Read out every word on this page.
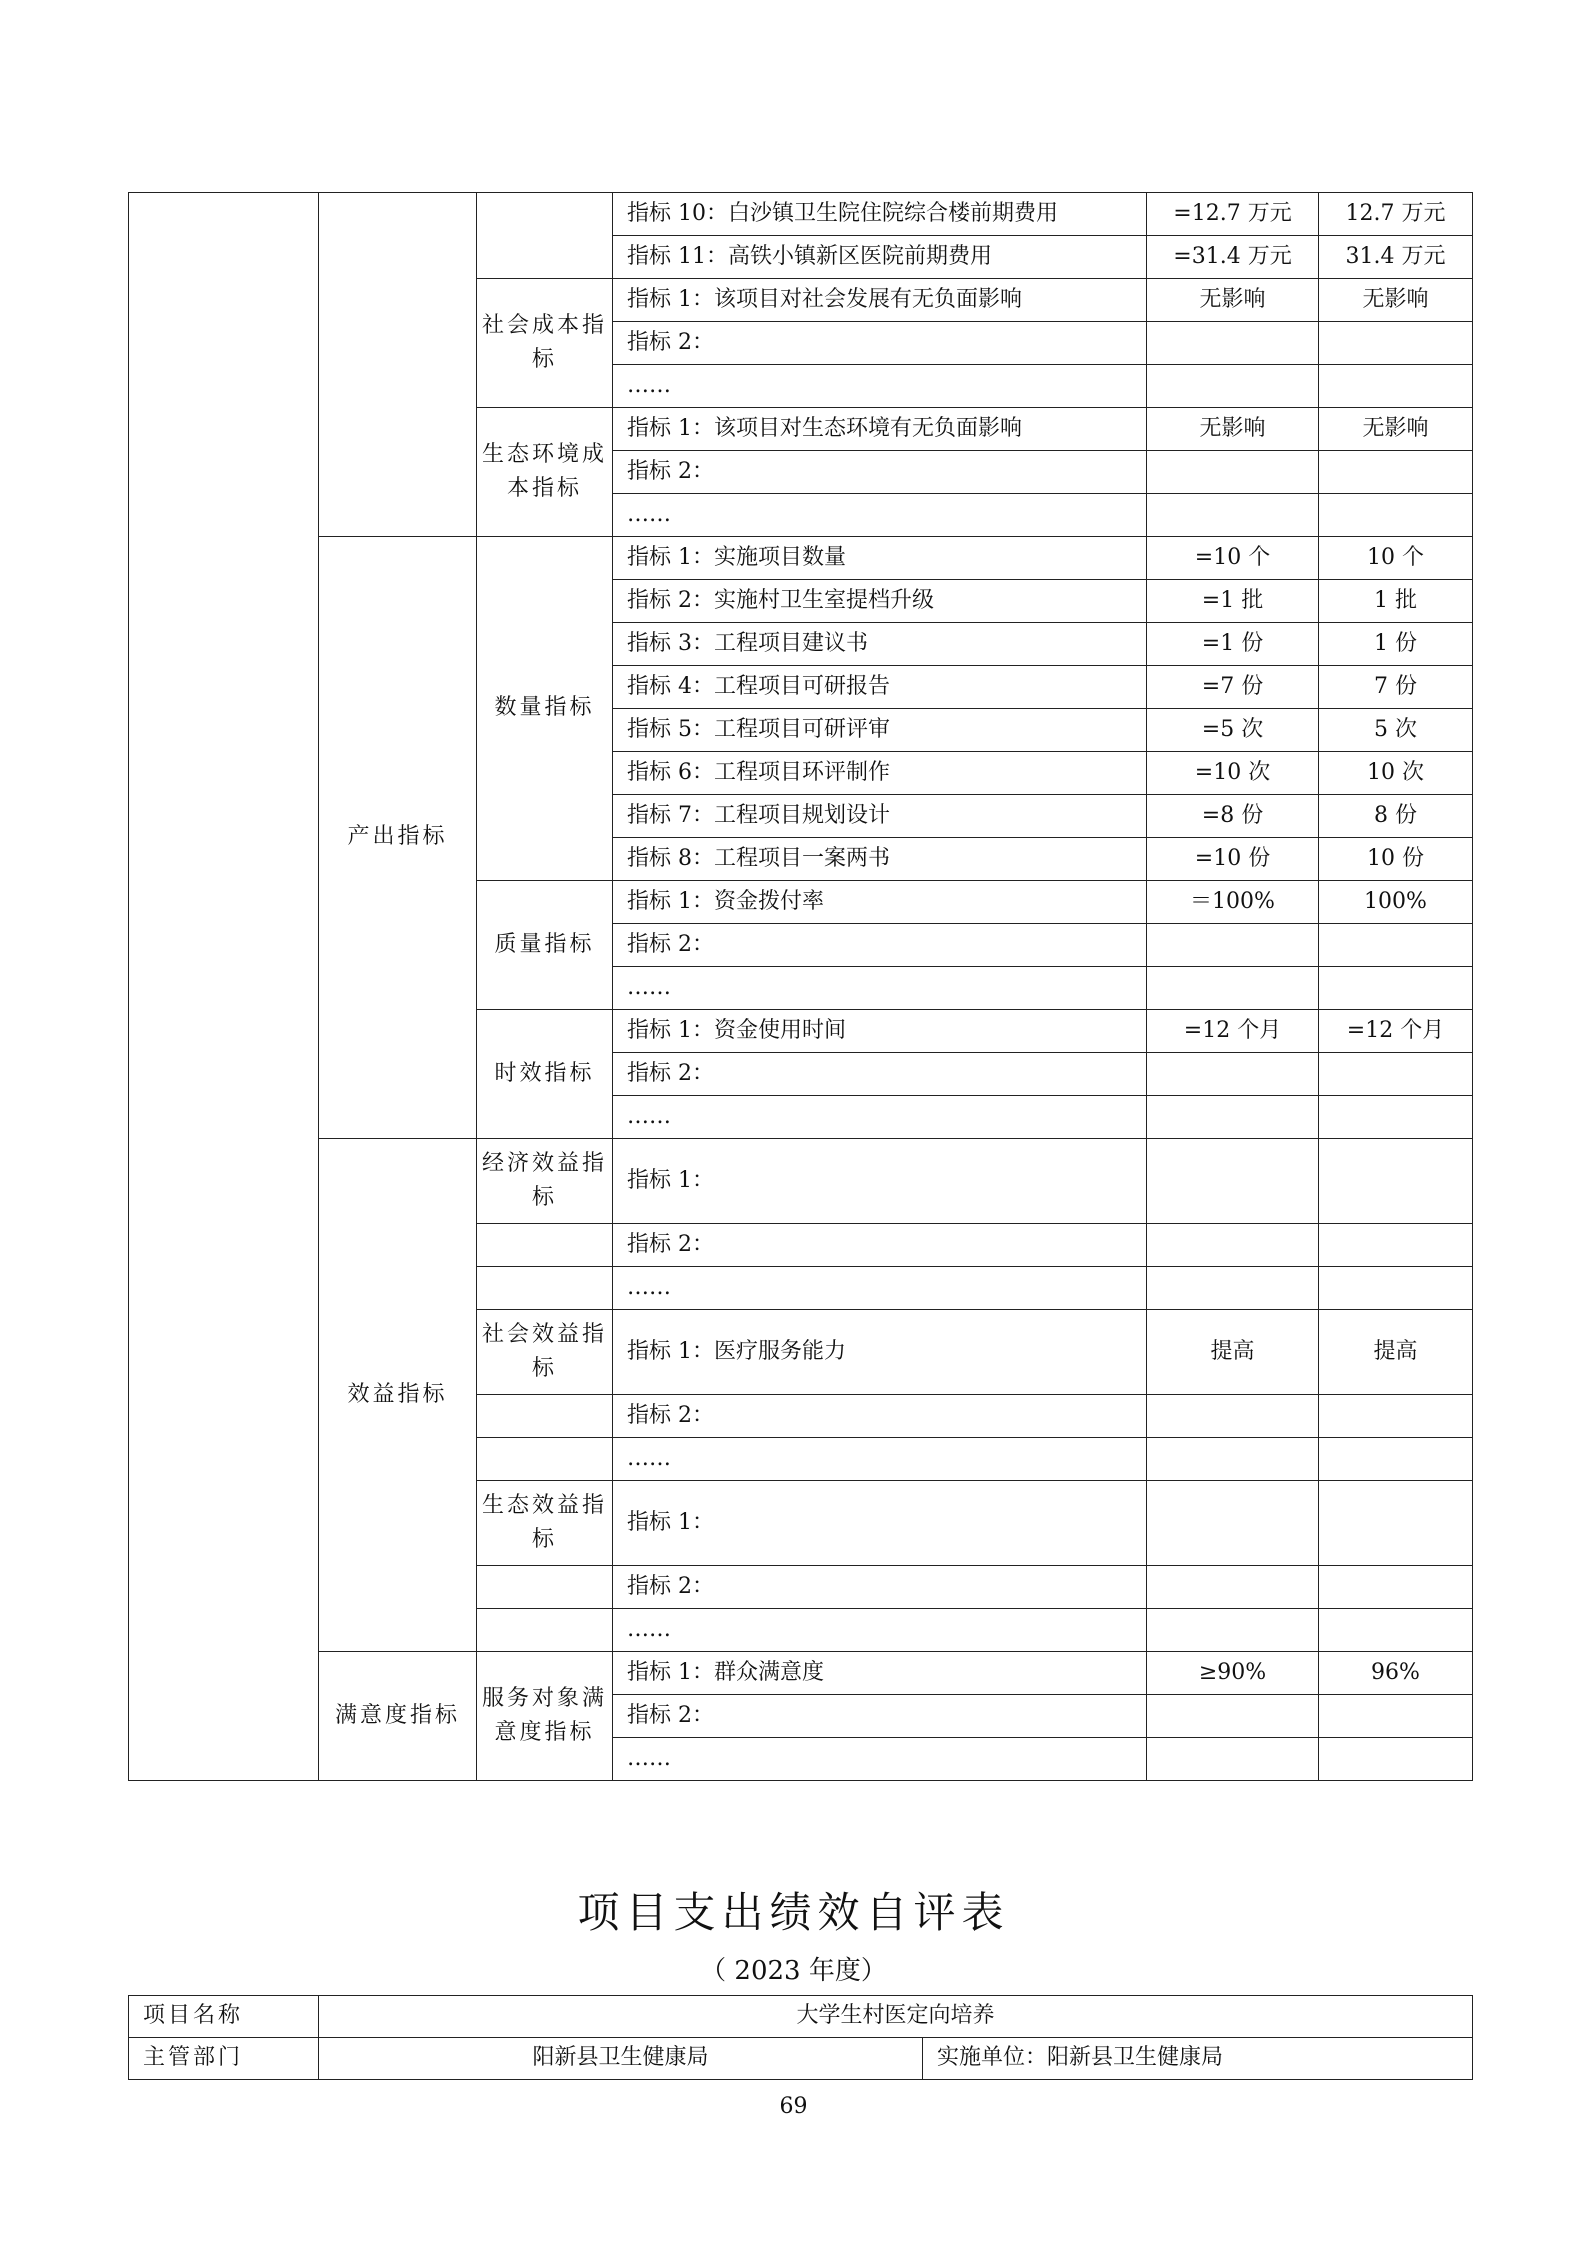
			指标 10：白沙镇卫生院住院综合楼前期费用	=12.7 万元	12.7 万元
			指标 11：高铁小镇新区医院前期费用	=31.4 万元	31.4 万元
		社会成本指标	指标 1：该项目对社会发展有无负面影响	无影响	无影响
			指标 2：		
			……		
		生态环境成本指标	指标 1：该项目对生态环境有无负面影响	无影响	无影响
			指标 2：		
			……		
	产出指标	数量指标	指标 1：实施项目数量	=10 个	10 个
			指标 2：实施村卫生室提档升级	=1 批	1 批
			指标 3：工程项目建议书	=1 份	1 份
			指标 4：工程项目可研报告	=7 份	7 份
			指标 5：工程项目可研评审	=5 次	5 次
			指标 6：工程项目环评制作	=10 次	10 次
			指标 7：工程项目规划设计	=8 份	8 份
			指标 8：工程项目一案两书	=10 份	10 份
		质量指标	指标 1：资金拨付率	＝100%	100%
			指标 2：		
			……		
		时效指标	指标 1：资金使用时间	=12 个月	=12 个月
			指标 2：		
			……		
	效益指标	经济效益指标	指标 1：		
			指标 2：		
			……		
		社会效益指标	指标 1：医疗服务能力	提高	提高
			指标 2：		
			……		
		生态效益指标	指标 1：		
			指标 2：		
			……		
	满意度指标	服务对象满意度指标	指标 1：群众满意度	≥90%	96%
			指标 2：		
			……		
项目支出绩效自评表
（ 2023 年度）
项目名称	大学生村医定向培养	
主管部门	阳新县卫生健康局	实施单位：阳新县卫生健康局
69
